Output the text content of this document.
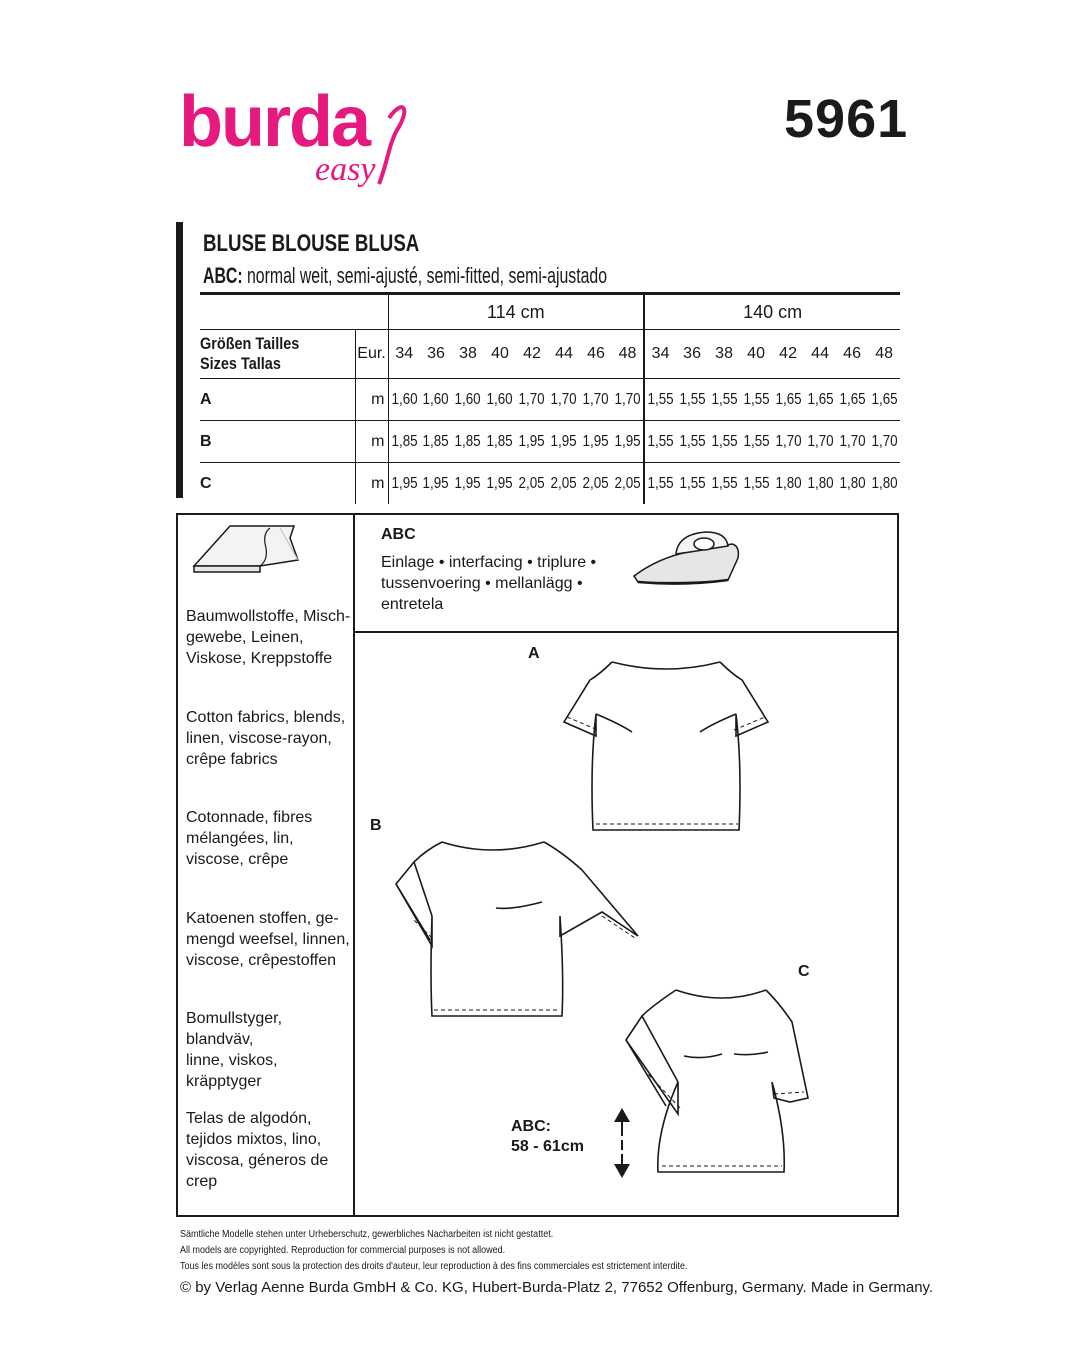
burda
easy
5961
BLUSE BLOUSE BLUSA
ABC: normal weit, semi-ajusté, semi-fitted, semi-ajustado
		114 cm								140 cm							
Größen Tailles
Sizes Tallas	Eur.	34	36	38	40	42	44	46	48	34	36	38	40	42	44	46	48
A	m	1,60	1,60	1,60	1,60	1,70	1,70	1,70	1,70	1,55	1,55	1,55	1,55	1,65	1,65	1,65	1,65
B	m	1,85	1,85	1,85	1,85	1,95	1,95	1,95	1,95	1,55	1,55	1,55	1,55	1,70	1,70	1,70	1,70
C	m	1,95	1,95	1,95	1,95	2,05	2,05	2,05	2,05	1,55	1,55	1,55	1,55	1,80	1,80	1,80	1,80
Baumwollstoffe, Misch-
gewebe, Leinen,
Viskose, Kreppstoffe
Cotton fabrics, blends,
linen, viscose-rayon,
crêpe fabrics
Cotonnade, fibres
mélangées, lin,
viscose, crêpe
Katoenen stoffen, ge-
mengd weefsel, linnen,
viscose, crêpestoffen
Bomullstyger, blandväv,
linne, viskos, kräpptyger
Telas de algodón,
tejidos mixtos, lino,
viscosa, géneros de
crep
ABC
Einlage • interfacing • triplure •
tussenvoering • mellanlägg •
entretela
A
B
C
ABC:
58 - 61cm
Sämtliche Modelle stehen unter Urheberschutz, gewerbliches Nacharbeiten ist nicht gestattet.
All models are copyrighted. Reproduction for commercial purposes is not allowed.
Tous les modèles sont sous la protection des droits d'auteur, leur reproduction à des fins commerciales est strictement interdite.
© by Verlag Aenne Burda GmbH & Co. KG, Hubert-Burda-Platz 2, 77652 Offenburg, Germany. Made in Germany.
